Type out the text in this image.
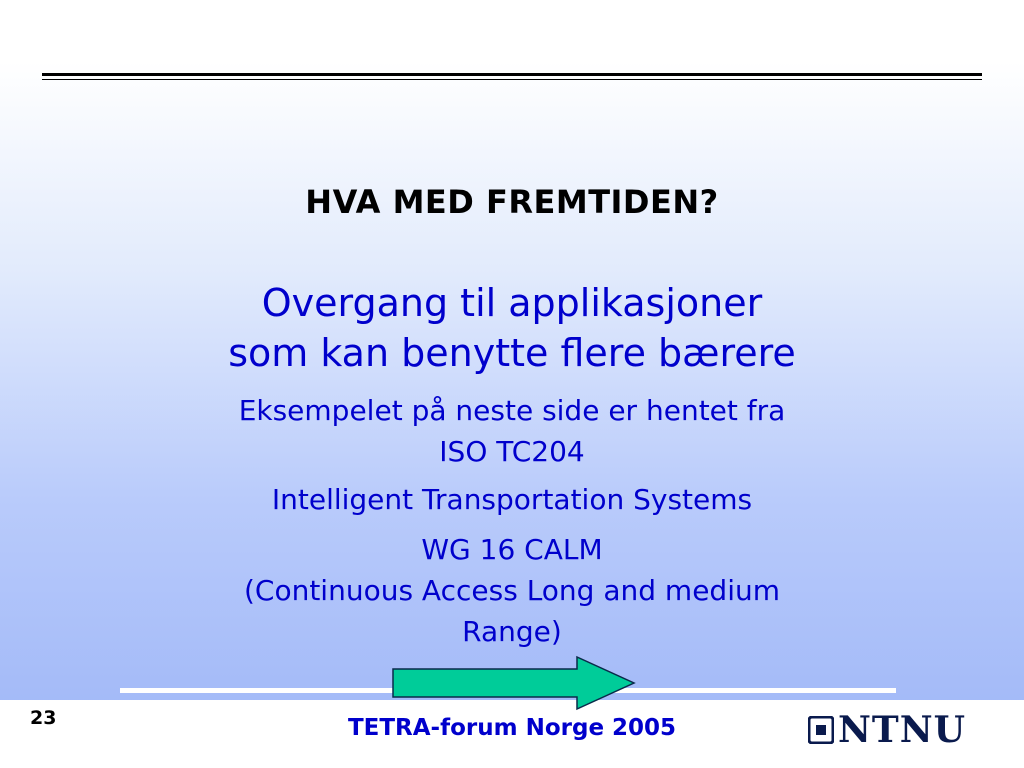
HVA MED FREMTIDEN?
Overgang til applikasjoner
som kan benytte flere bærere
Eksempelet på neste side er hentet fra
ISO TC204
Intelligent Transportation Systems
WG 16 CALM
(Continuous Access Long and medium
Range)
23	TETRA-forum Norge 2005	NTNU
